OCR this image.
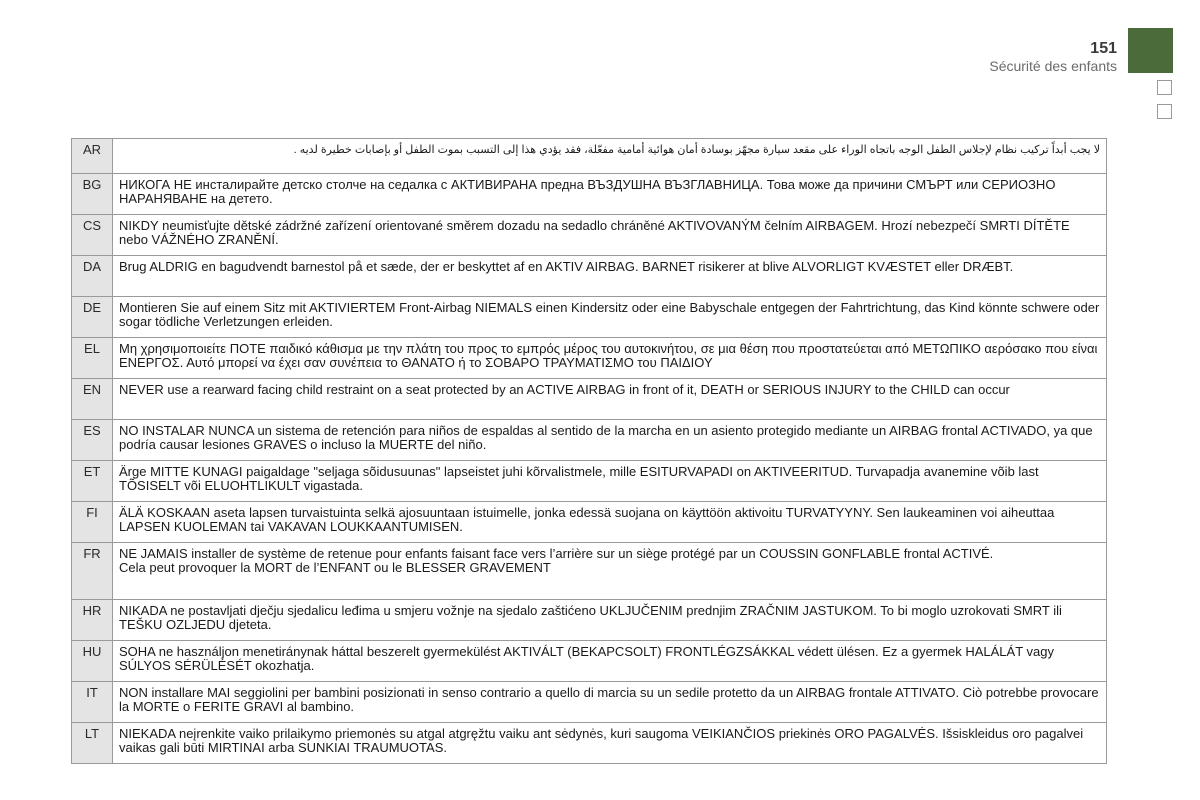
151
Sécurité des enfants
AR	لا يجب أبداً تركيب نظام لإجلاس الطفل الوجه باتجاه الوراء على مقعد سيارة مجهّز بوسادة أمان هوائية أمامية مفعّلة، فقد يؤدي هذا إلى التسبب بموت الطفل أو بإصابات خطيرة لديه .
BG	НИКОГА НЕ инсталирайте детско столче на седалка с АКТИВИРАНА предна ВЪЗДУШНА ВЪЗГЛАВНИЦА. Това може да причини СМЪРТ или СЕРИОЗНО НАРАНЯВАНЕ на детето.
CS	NIKDY neumisťujte dětské zádržné zařízení orientované směrem dozadu na sedadlo chráněné AKTIVOVANÝM čelním AIRBAGEM. Hrozí nebezpečí SMRTI DÍTĚTE nebo VÁŽNÉHO ZRANĚNÍ.
DA	Brug ALDRIG en bagudvendt barnestol på et sæde, der er beskyttet af en AKTIV AIRBAG. BARNET risikerer at blive ALVORLIGT KVÆSTET eller DRÆBT.
DE	Montieren Sie auf einem Sitz mit AKTIVIERTEM Front-Airbag NIEMALS einen Kindersitz oder eine Babyschale entgegen der Fahrtrichtung, das Kind könnte schwere oder sogar tödliche Verletzungen erleiden.
EL	Μη χρησιμοποιείτε ΠΟΤΕ παιδικό κάθισμα με την πλάτη του προς το εμπρός μέρος του αυτοκινήτου, σε μια θέση που προστατεύεται από ΜΕΤΩΠΙΚΟ αερόσακο που είναι ΕΝΕΡΓΟΣ. Αυτό μπορεί να έχει σαν συνέπεια το ΘΑΝΑΤΟ ή το ΣΟΒΑΡΟ ΤΡΑΥΜΑΤΙΣΜΟ του ΠΑΙΔΙΟΥ
EN	NEVER use a rearward facing child restraint on a seat protected by an ACTIVE AIRBAG in front of it, DEATH or SERIOUS INJURY to the CHILD can occur
ES	NO INSTALAR NUNCA un sistema de retención para niños de espaldas al sentido de la marcha en un asiento protegido mediante un AIRBAG frontal ACTIVADO, ya que podría causar lesiones GRAVES o incluso la MUERTE del niño.
ET	Ärge MITTE KUNAGI paigaldage "seljaga sõidusuunas" lapseistet juhi kõrvalistmele, mille ESITURVAPADI on AKTIVEERITUD. Turvapadja avanemine võib last TÕSISELT või ELUOHTLIKULT vigastada.
FI	ÄLÄ KOSKAAN aseta lapsen turvaistuinta selkä ajosuuntaan istuimelle, jonka edessä suojana on käyttöön aktivoitu TURVATYYNY. Sen laukeaminen voi aiheuttaa LAPSEN KUOLEMAN tai VAKAVAN LOUKKAANTUMISEN.
FR	NE JAMAIS installer de système de retenue pour enfants faisant face vers l’arrière sur un siège protégé par un COUSSIN GONFLABLE frontal ACTIVÉ.
Cela peut provoquer la MORT de l’ENFANT ou le BLESSER GRAVEMENT

HR	NIKADA ne postavljati dječju sjedalicu leđima u smjeru vožnje na sjedalo zaštićeno UKLJUČENIM prednjim ZRAČNIM JASTUKOM. To bi moglo uzrokovati SMRT ili TEŠKU OZLJEDU djeteta.
HU	SOHA ne használjon menetiránynak háttal beszerelt gyermekülést AKTIVÁLT (BEKAPCSOLT) FRONTLÉGZSÁKKAL védett ülésen. Ez a gyermek HALÁLÁT vagy SÚLYOS SÉRÜLÉSÉT okozhatja.
IT	NON installare MAI seggiolini per bambini posizionati in senso contrario a quello di marcia su un sedile protetto da un AIRBAG frontale ATTIVATO. Ciò potrebbe provocare la MORTE o FERITE GRAVI al bambino.
LT	NIEKADA neįrenkite vaiko prilaikymo priemonės su atgal atgręžtu vaiku ant sėdynės, kuri saugoma VEIKIANČIOS priekinės ORO PAGALVĖS. Išsiskleidus oro pagalvei vaikas gali būti MIRTINAI arba SUNKIAI TRAUMUOTAS.
